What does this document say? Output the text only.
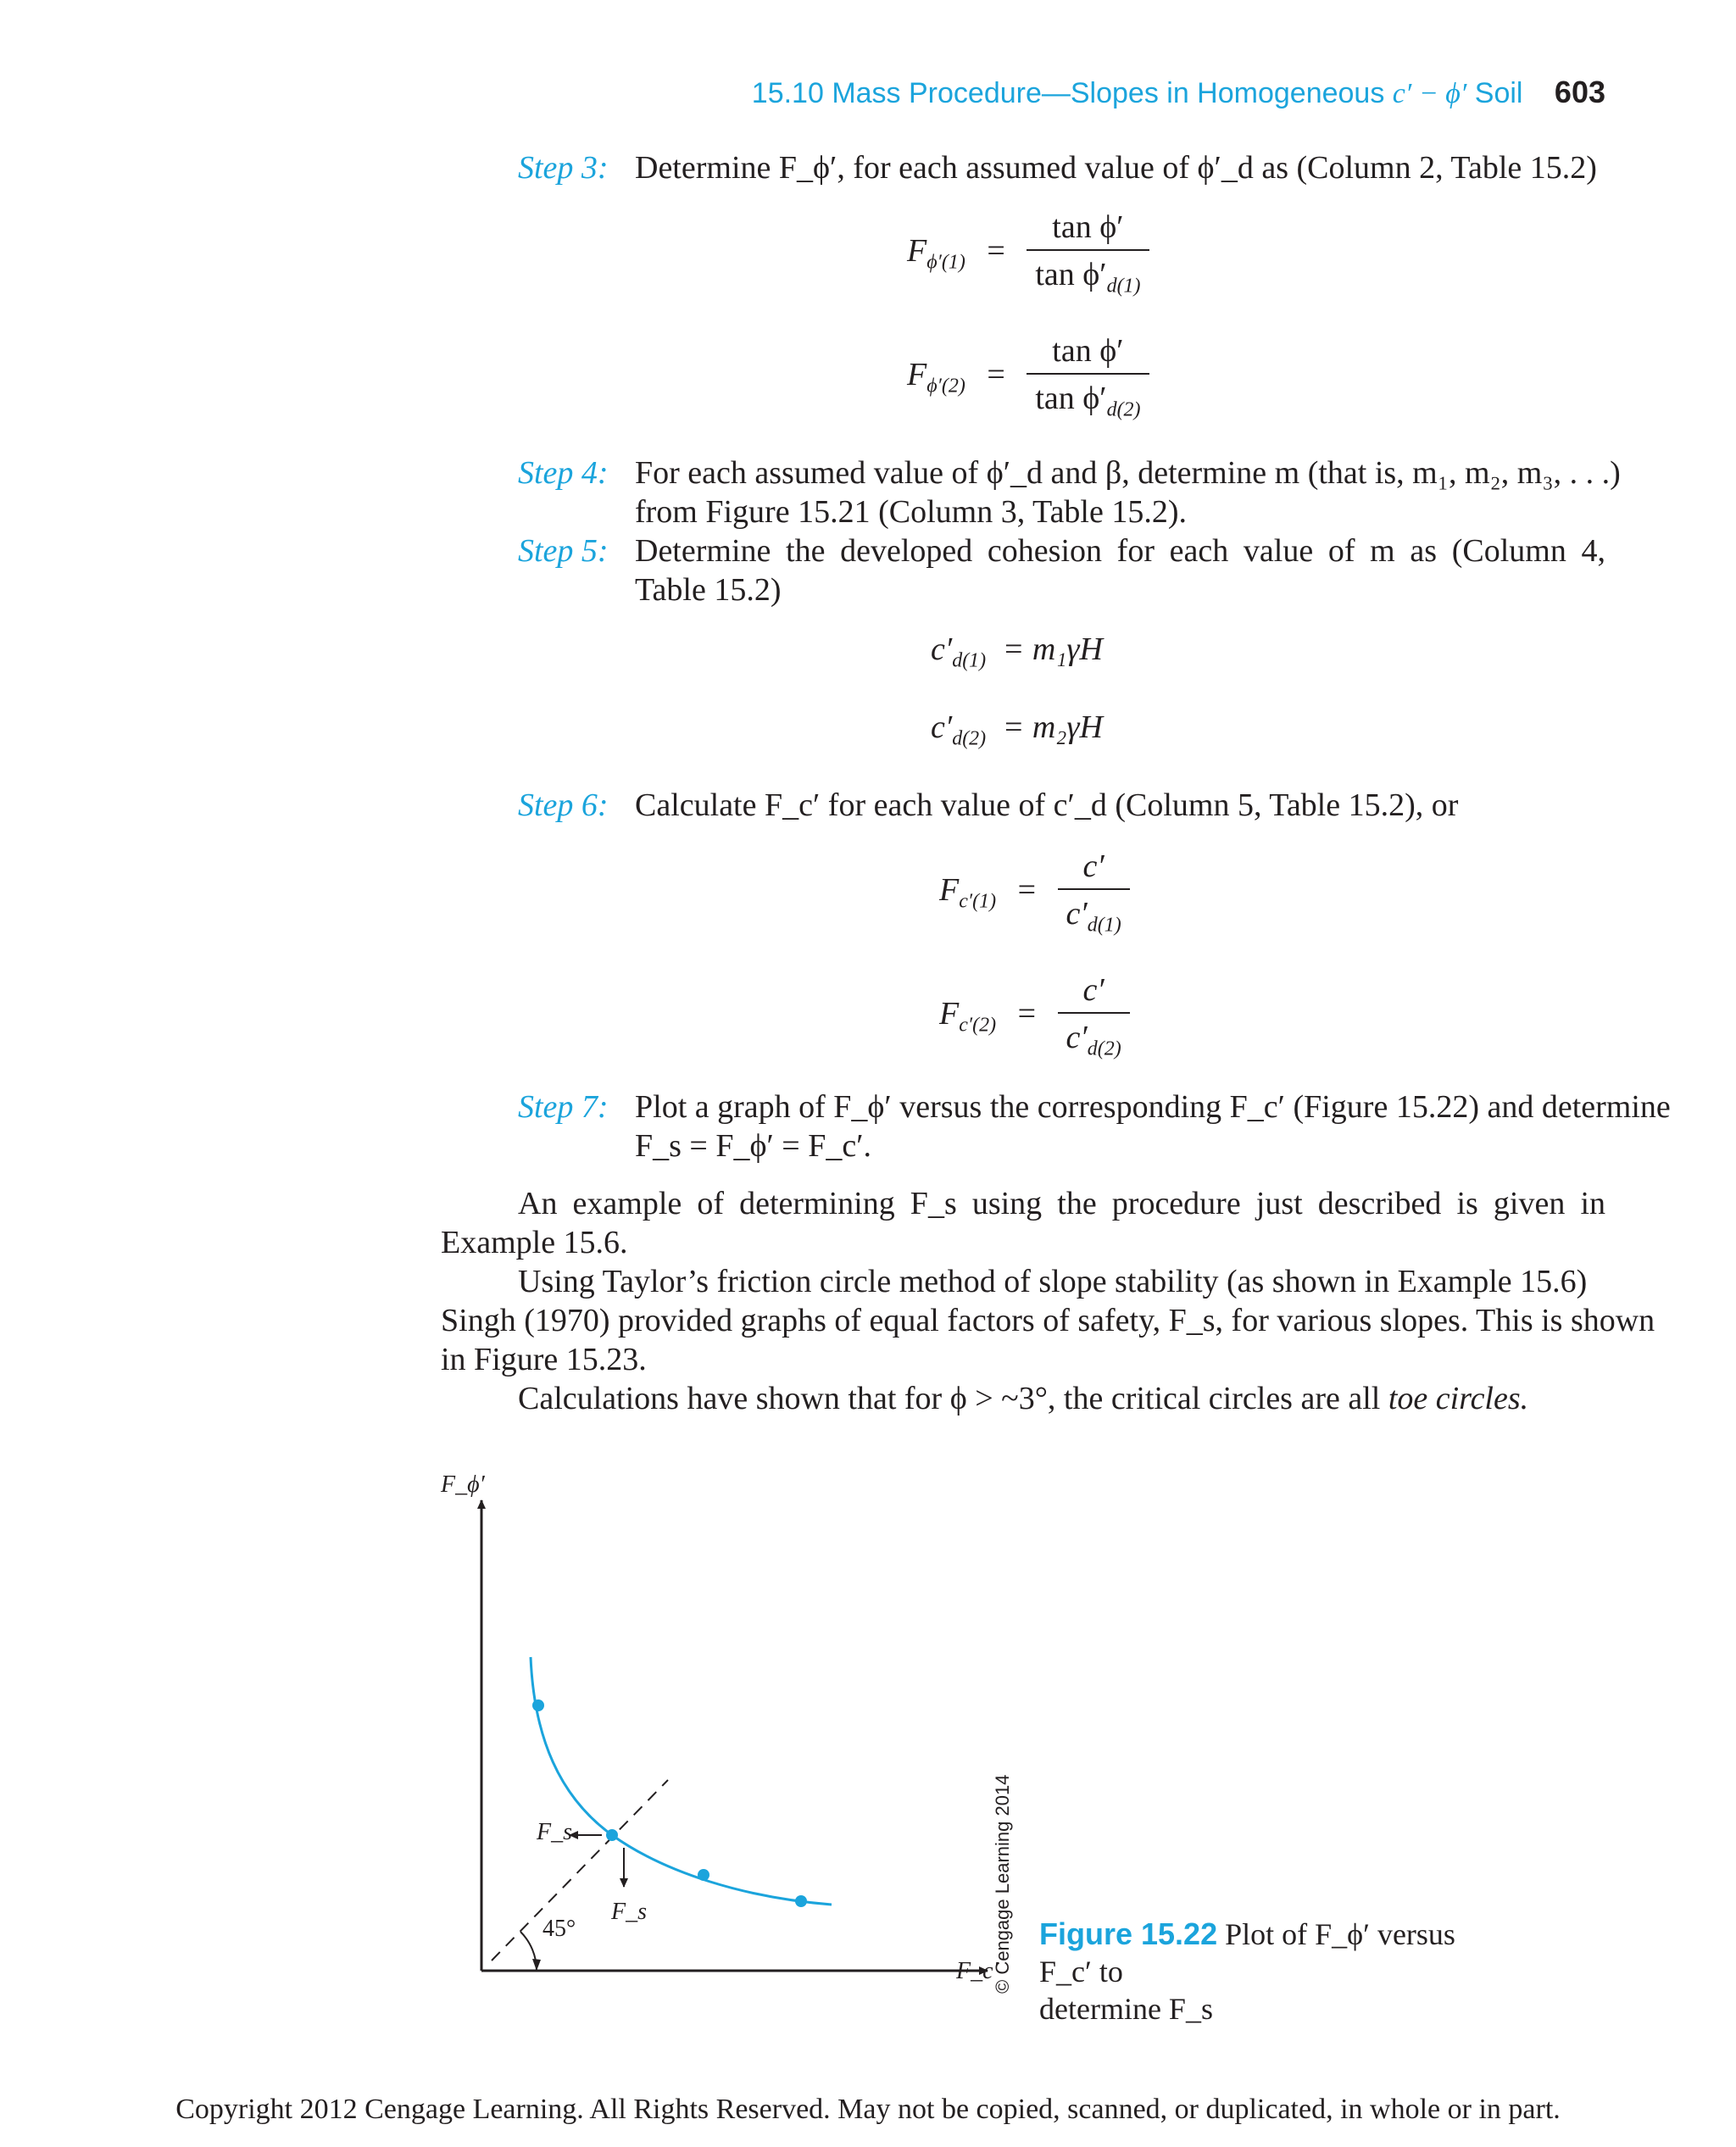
15.10 Mass Procedure—Slopes in Homogeneous c′ − ϕ′ Soil 603
Step 3: Determine F_ϕ′, for each assumed value of ϕ′_d as (Column 2, Table 15.2)
$F_{\phi'(1)} = \frac{\text{tan ϕ′}}{\tan \phi'_{d(1)}}$
$F_{\phi'(2)} = \frac{\text{tan ϕ′}}{\tan \phi'_{d(2)}}$
Step 4: For each assumed value of ϕ′_d and β, determine m (that is, m₁, m₂, m₃, . . .)
from Figure 15.21 (Column 3, Table 15.2).
Step 5: Determine the developed cohesion for each value of m as (Column 4,
Table 15.2)
$c'_{d(1)} = m_1\gamma H$
$c'_{d(2)} = m_2\gamma H$
Step 6: Calculate F_c′ for each value of c′_d (Column 5, Table 15.2), or
$F_{c'(1)} = \frac{c'}{c'_{d(1)}}$
$F_{c'(2)} = \frac{c'}{c'_{d(2)}}$
Step 7: Plot a graph of F_ϕ′ versus the corresponding F_c′ (Figure 15.22) and determine
F_s = F_ϕ′ = F_c′.
An example of determining F_s using the procedure just described is given in
Example 15.6.
Using Taylor’s friction circle method of slope stability (as shown in Example 15.6)
Singh (1970) provided graphs of equal factors of safety, F_s, for various slopes. This is shown
in Figure 15.23.
Calculations have shown that for ϕ > ~3°, the critical circles are all toe circles.
F_ϕ′
F_c′
F_s
F_s
45°	© Cengage Learning 2014 Figure 15.22 Plot of F_ϕ′ versus F_c′ to
determine F_s
Copyright 2012 Cengage Learning. All Rights Reserved. May not be copied, scanned, or duplicated, in whole or in part.
